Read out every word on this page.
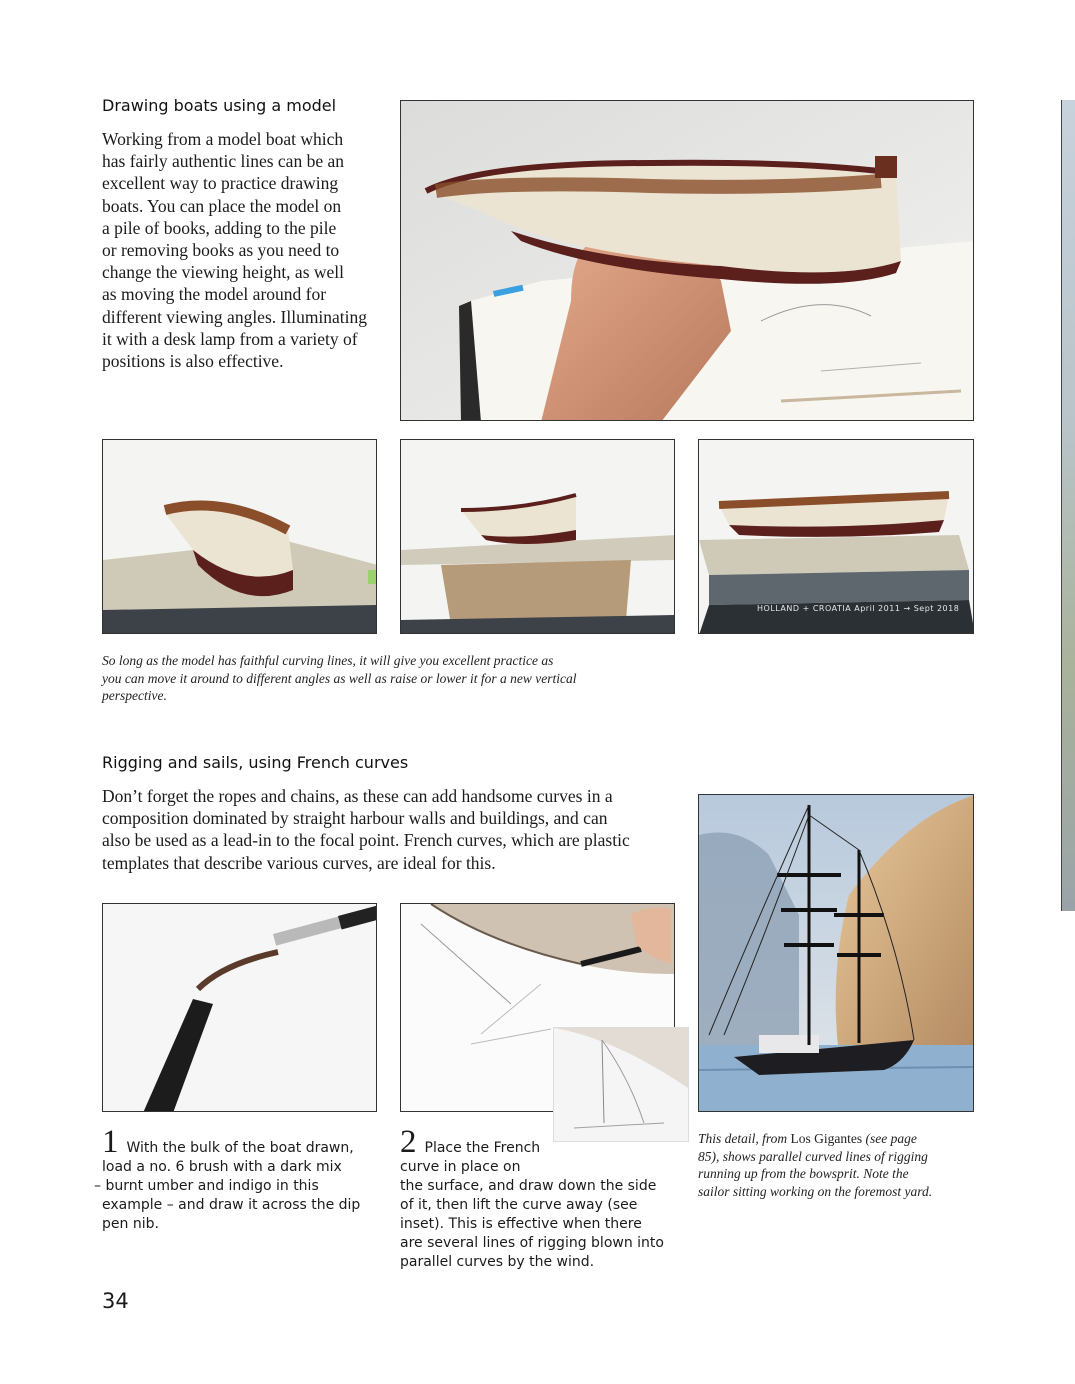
Drawing boats using a model
Working from a model boat which
has fairly authentic lines can be an
excellent way to practice drawing
boats. You can place the model on
a pile of books, adding to the pile
or removing books as you need to
change the viewing height, as well
as moving the model around for
different viewing angles. Illuminating
it with a desk lamp from a variety of
positions is also effective.
HOLLAND + CROATIA April 2011 → Sept 2018
So long as the model has faithful curving lines, it will give you excellent practice as
you can move it around to different angles as well as raise or lower it for a new vertical
perspective.
Rigging and sails, using French curves
Don’t forget the ropes and chains, as these can add handsome curves in a
composition dominated by straight harbour walls and buildings, and can
also be used as a lead-in to the focal point. French curves, which are plastic
templates that describe various curves, are ideal for this.
1 With the bulk of the boat drawn,
load a no. 6 brush with a dark mix
– burnt umber and indigo in this
example – and draw it across the dip
pen nib.
2 Place the French
curve in place on
the surface, and draw down the side
of it, then lift the curve away (see
inset). This is effective when there
are several lines of rigging blown into
parallel curves by the wind.
This detail, from Los Gigantes (see page
85), shows parallel curved lines of rigging
running up from the bowsprit. Note the
sailor sitting working on the foremost yard.
34
